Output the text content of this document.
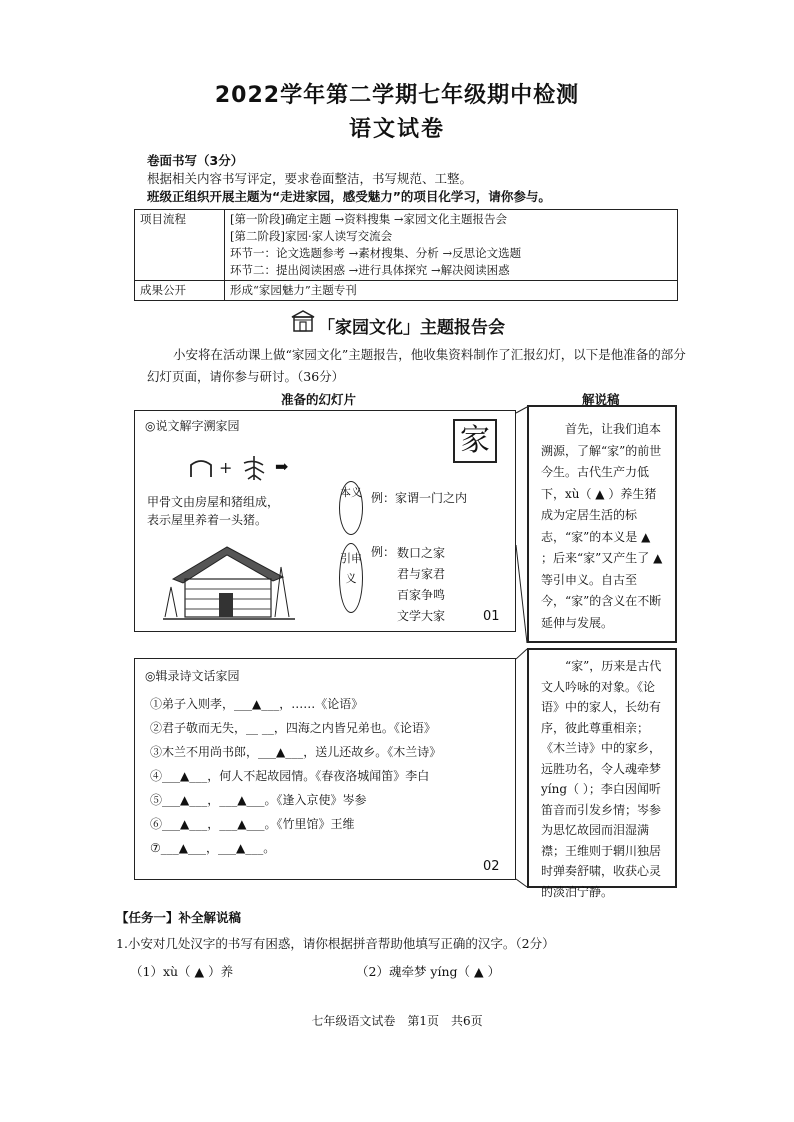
2022学年第二学期七年级期中检测
语文试卷
卷面书写（3分）
根据相关内容书写评定，要求卷面整洁，书写规范、工整。
班级正组织开展主题为“走进家园，感受魅力”的项目化学习，请你参与。
项目流程	[第一阶段]确定主题 →资料搜集 →家园文化主题报告会
[第二阶段]家园·家人读写交流会
环节一：论文选题参考 →素材搜集、分析 →反思论文选题
环节二：提出阅读困惑 →进行具体探究 →解决阅读困惑

成果公开	形成“家园魅力”主题专刊
「家园文化」主题报告会
小安将在活动课上做“家园文化”主题报告，他收集资料制作了汇报幻灯，以下是他准备的部分幻灯页面，请你参与研讨。（36分）
准备的幻灯片	解说稿
◎说文解字溯家园	家
+	➡
甲骨文由房屋和猪组成，
表示屋里养着一头猪。
本义 例：家谓一门之内
引申义
例： 数口之家
君与家君
百家争鸣
文学大家	01
首先，让我们追本溯源，了解“家”的前世今生。古代生产力低下，xù（ ▲ ）养生猪成为定居生活的标志，“家”的本义是 ▲ ；后来“家”又产生了 ▲ 等引申义。自古至今，“家”的含义在不断延伸与发展。
◎辑录诗文话家园
02
①弟子入则孝，___▲___，……《论语》
②君子敬而无失，__ __，四海之内皆兄弟也。《论语》
③木兰不用尚书郎，___▲___，送儿还故乡。《木兰诗》
④___▲___，何人不起故园情。《春夜洛城闻笛》李白
⑤___▲___，___▲___。《逢入京使》岑参
⑥___▲___，___▲___。《竹里馆》王维
⑦___▲___，___▲___。
“家”，历来是古代文人吟咏的对象。《论语》中的家人，长幼有序，彼此尊重相亲；《木兰诗》中的家乡，远胜功名，令人魂牵梦 yíng（ ）；李白因闻听笛音而引发乡情；岑参为思忆故园而泪湿满襟；王维则于辋川独居时弹奏舒啸，收获心灵的淡泊宁静。
【任务一】补全解说稿
1.小安对几处汉字的书写有困惑，请你根据拼音帮助他填写正确的汉字。（2分）
（1）xù（ ▲ ）养	（2）魂牵梦 yíng（ ▲ ）
七年级语文试卷　第1页　共6页
